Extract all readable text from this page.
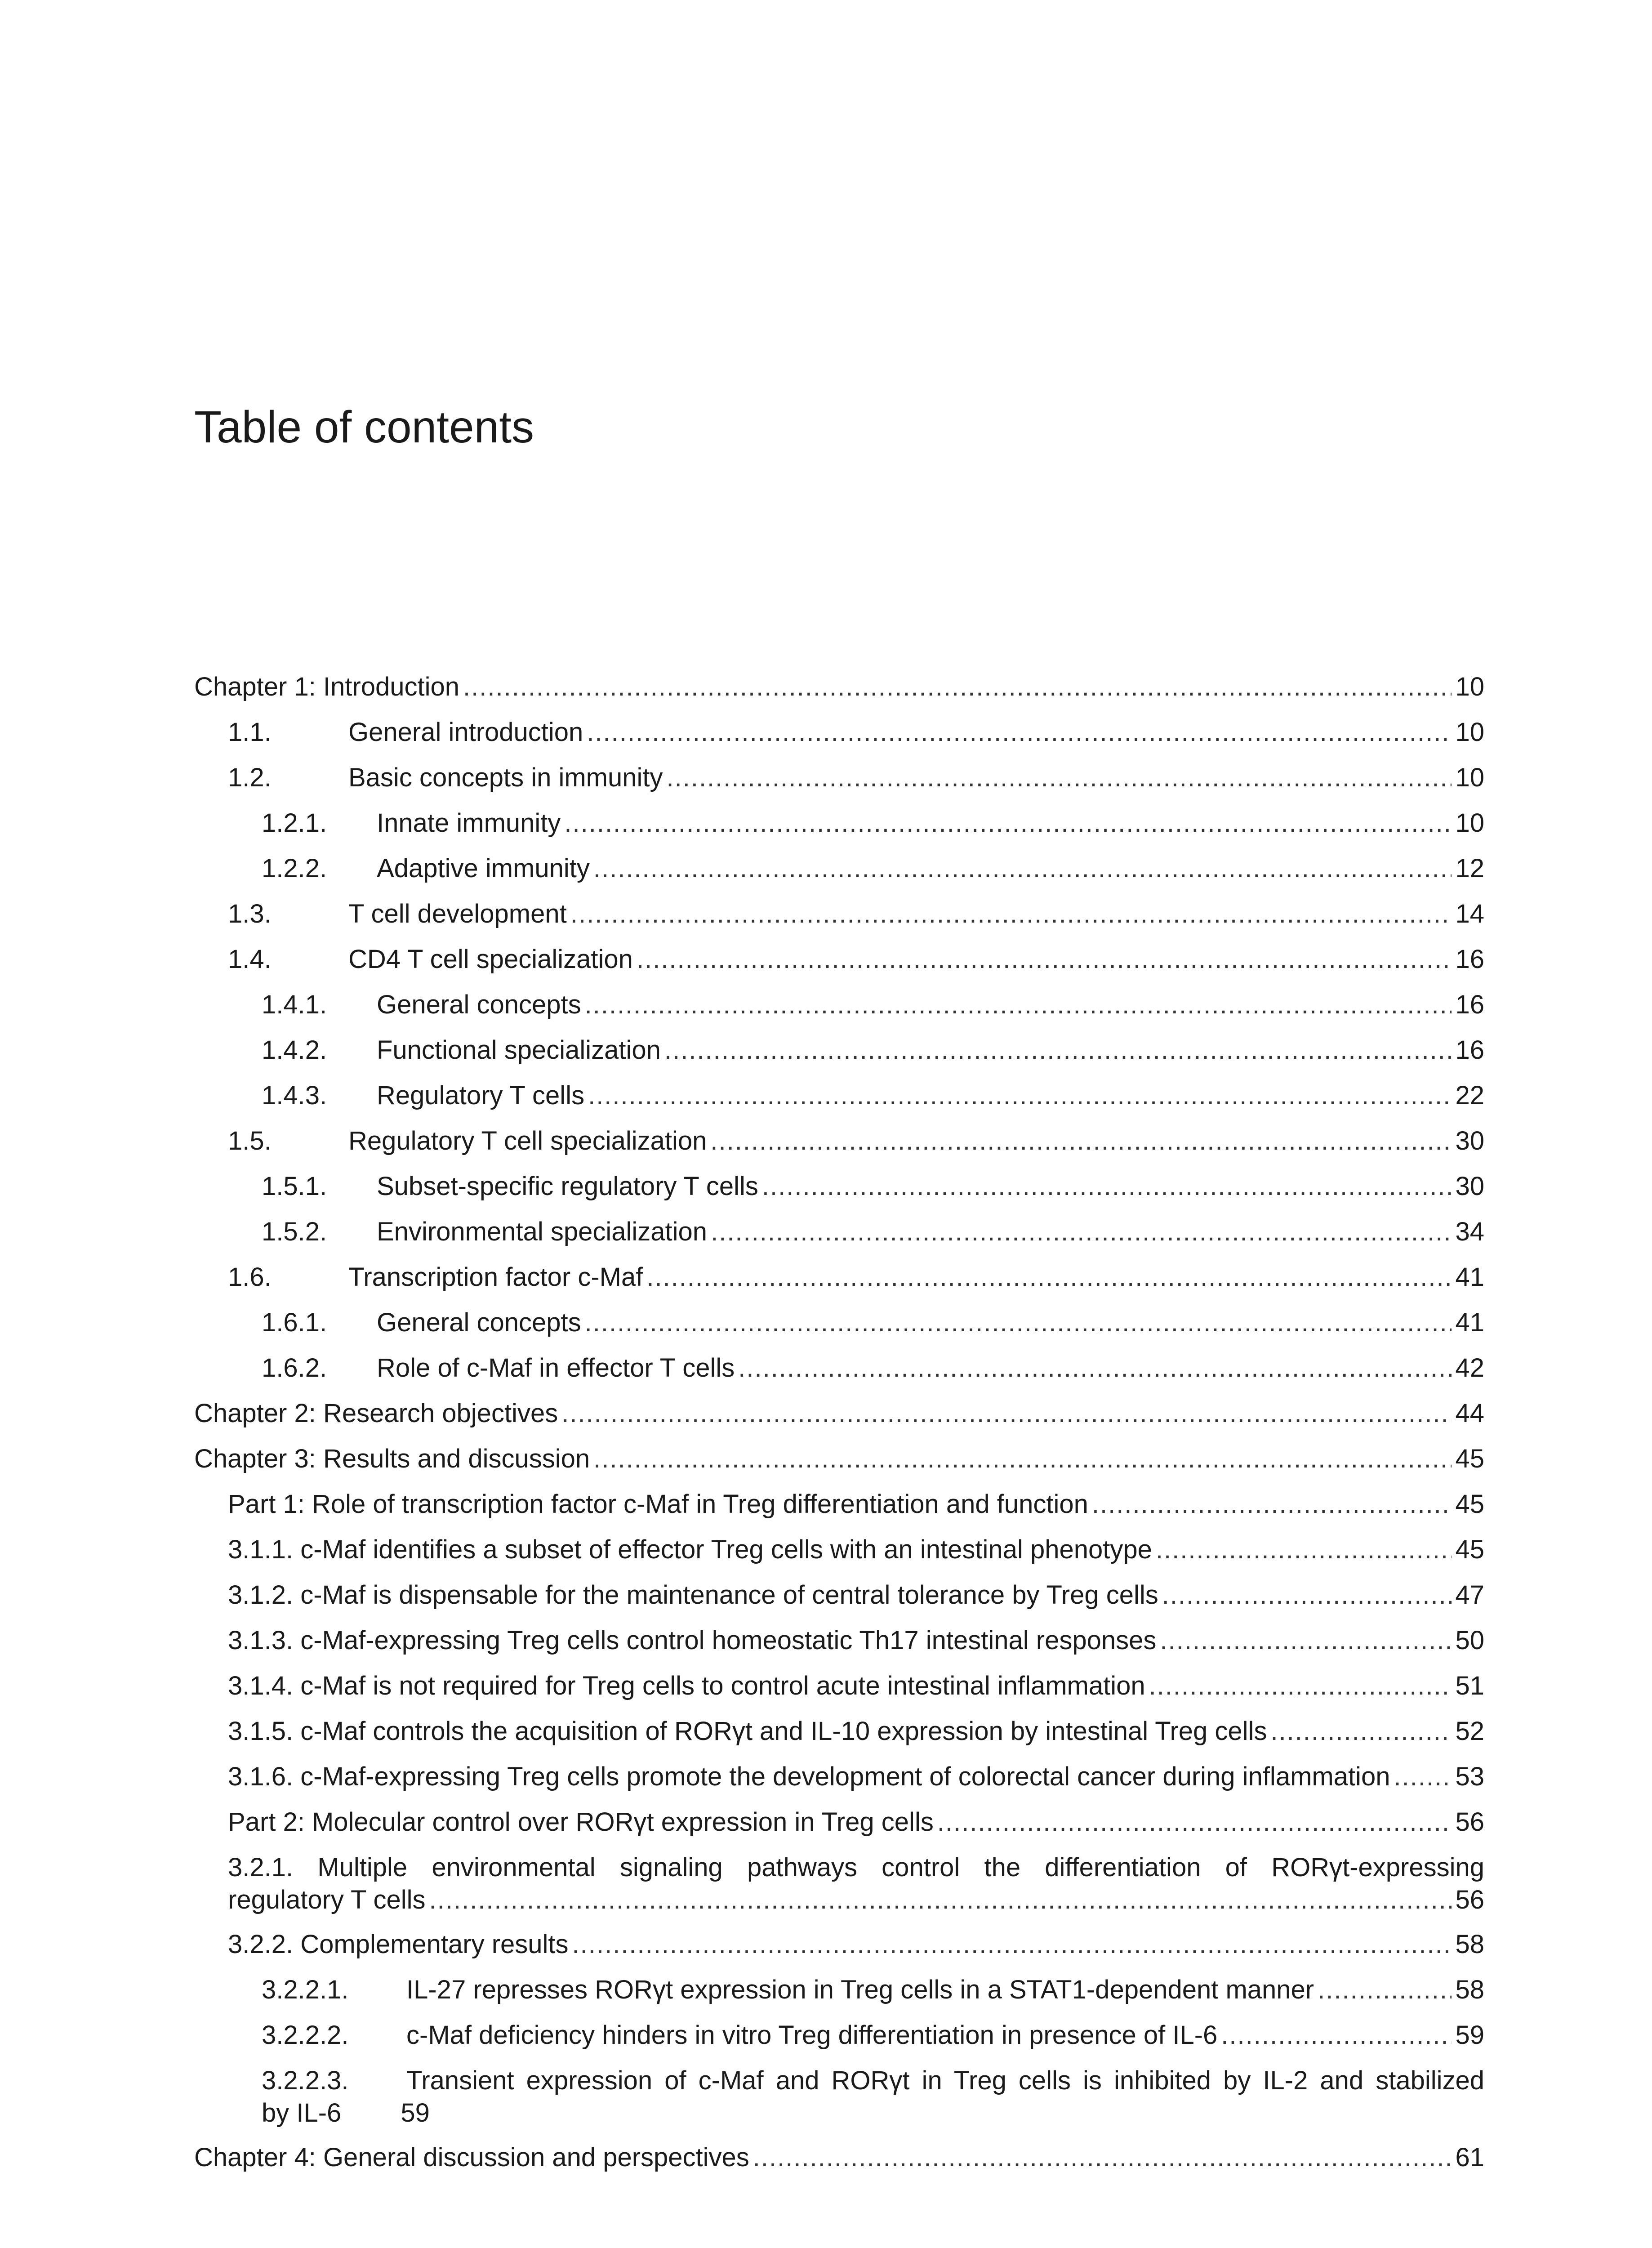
Table of contents
Chapter 1: Introduction .....	10
1.1.	General introduction .....	10
1.2.	Basic concepts in immunity .....	10
1.2.1.	Innate immunity .....	10
1.2.2.	Adaptive immunity .....	12
1.3.	T cell development .....	14
1.4.	CD4 T cell specialization .....	16
1.4.1.	General concepts .....	16
1.4.2.	Functional specialization .....	16
1.4.3.	Regulatory T cells .....	22
1.5.	Regulatory T cell specialization .....	30
1.5.1.	Subset-specific regulatory T cells .....	30
1.5.2.	Environmental specialization .....	34
1.6.	Transcription factor c-Maf .....	41
1.6.1.	General concepts .....	41
1.6.2.	Role of c-Maf in effector T cells .....	42
Chapter 2: Research objectives .....	44
Chapter 3: Results and discussion .....	45
Part 1: Role of transcription factor c-Maf in Treg differentiation and function .....	45
3.1.1. c-Maf identifies a subset of effector Treg cells with an intestinal phenotype .....	45
3.1.2. c-Maf is dispensable for the maintenance of central tolerance by Treg cells .....	47
3.1.3. c-Maf-expressing Treg cells control homeostatic Th17 intestinal responses .....	50
3.1.4. c-Maf is not required for Treg cells to control acute intestinal inflammation .....	51
3.1.5. c-Maf controls the acquisition of RORγt and IL-10 expression by intestinal Treg cells .....	52
3.1.6. c-Maf-expressing Treg cells promote the development of colorectal cancer during inflammation .....	53
Part 2: Molecular control over RORγt expression in Treg cells .....	56
3.2.1. Multiple environmental signaling pathways control the differentiation of RORγt-expressing
regulatory T cells .....	56
3.2.2. Complementary results .....	58
3.2.2.1.	IL-27 represses RORγt expression in Treg cells in a STAT1-dependent manner .....	58
3.2.2.2.	c-Maf deficiency hinders in vitro Treg differentiation in presence of IL-6 .....	59
3.2.2.3.	Transient expression of c-Maf and RORγt in Treg cells is inhibited by IL-2 and stabilized
by IL-6 59
Chapter 4: General discussion and perspectives .....	61
